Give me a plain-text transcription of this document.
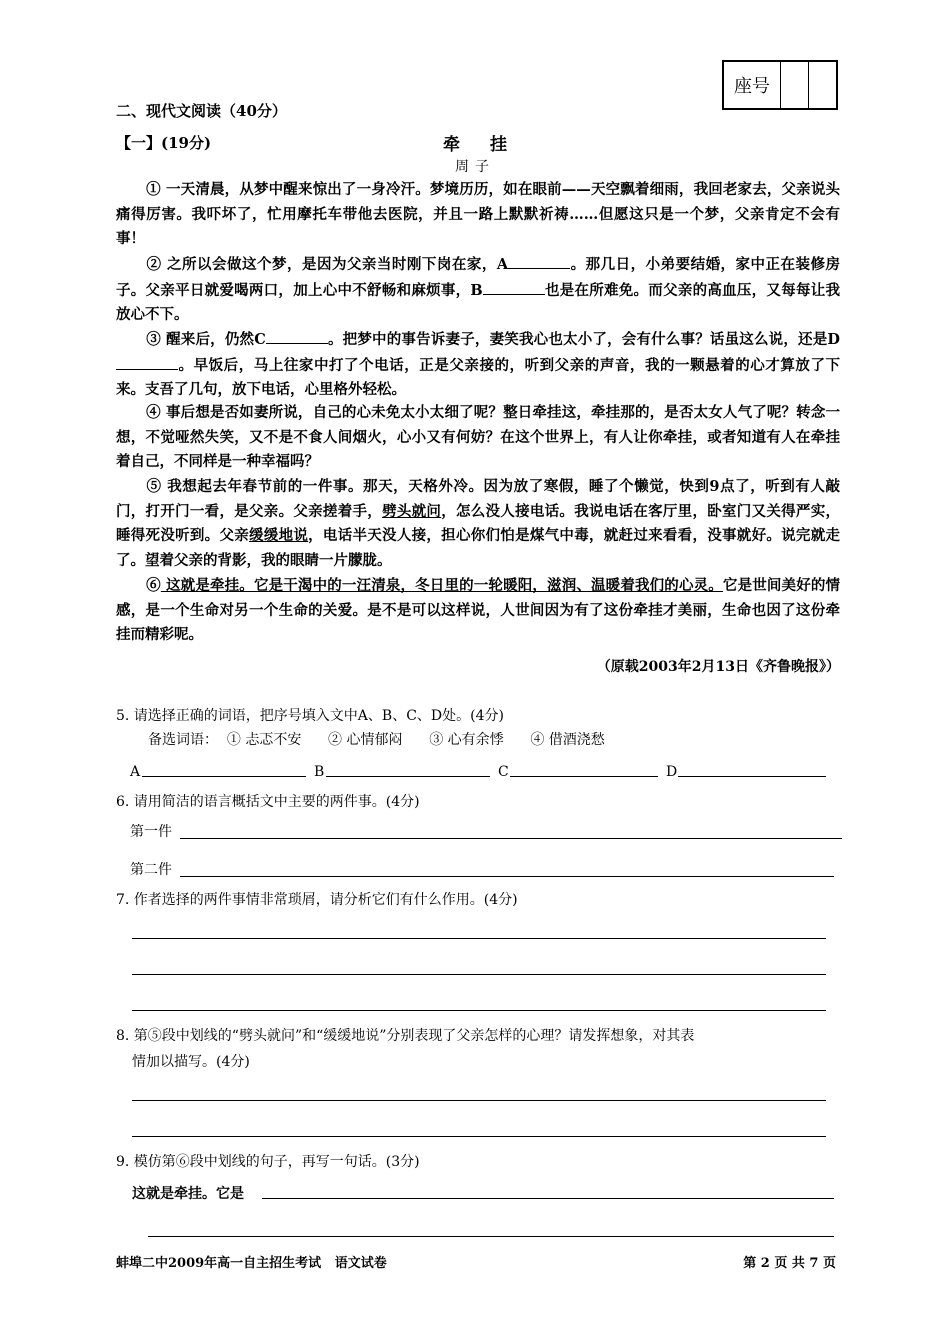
座号
二、现代文阅读（40分）
【一】(19分)	牵挂
周子
① 一天清晨，从梦中醒来惊出了一身冷汗。梦境历历，如在眼前——天空飘着细雨，我回老家去，父亲说头痛得厉害。我吓坏了，忙用摩托车带他去医院，并且一路上默默祈祷……但愿这只是一个梦，父亲肯定不会有事！
② 之所以会做这个梦，是因为父亲当时刚下岗在家，A	。那几日，小弟要结婚，家中正在装修房子。父亲平日就爱喝两口，加上心中不舒畅和麻烦事，B	也是在所难免。而父亲的高血压，又每每让我放心不下。
③ 醒来后，仍然C	。把梦中的事告诉妻子，妻笑我心也太小了，会有什么事？话虽这么说，还是D。早饭后，马上往家中打了个电话，正是父亲接的，听到父亲的声音，我的一颗悬着的心才算放了下来。支吾了几句，放下电话，心里格外轻松。
④ 事后想是否如妻所说，自己的心未免太小太细了呢？整日牵挂这，牵挂那的，是否太女人气了呢？转念一想，不觉哑然失笑，又不是不食人间烟火，心小又有何妨？在这个世界上，有人让你牵挂，或者知道有人在牵挂着自己，不同样是一种幸福吗？
⑤ 我想起去年春节前的一件事。那天，天格外冷。因为放了寒假，睡了个懒觉，快到9点了，听到有人敲门，打开门一看，是父亲。父亲搓着手，劈头就问，怎么没人接电话。我说电话在客厅里，卧室门又关得严实，睡得死没听到。父亲缓缓地说，电话半天没人接，担心你们怕是煤气中毒，就赶过来看看，没事就好。说完就走了。望着父亲的背影，我的眼睛一片朦胧。
⑥ 这就是牵挂。它是干渴中的一汪清泉，冬日里的一轮暖阳，滋润、温暖着我们的心灵。它是世间美好的情感，是一个生命对另一个生命的关爱。是不是可以这样说，人世间因为有了这份牵挂才美丽，生命也因了这份牵挂而精彩呢。
（原载2003年2月13日《齐鲁晚报》）
5. 请选择正确的词语，把序号填入文中A、B、C、D处。(4分)
备选词语：  ① 忐忑不安      ② 心情郁闷      ③ 心有余悸      ④ 借酒浇愁
A	B	C	D
6. 请用简洁的语言概括文中主要的两件事。(4分)
第一件
第二件
7. 作者选择的两件事情非常琐屑，请分析它们有什么作用。(4分)
8. 第⑤段中划线的“劈头就问”和“缓缓地说”分别表现了父亲怎样的心理？请发挥想象，对其表
情加以描写。(4分)
9. 模仿第⑥段中划线的句子，再写一句话。(3分)
这就是牵挂。它是
蚌埠二中2009年高一自主招生考试   语文试卷	第 2 页 共 7 页
